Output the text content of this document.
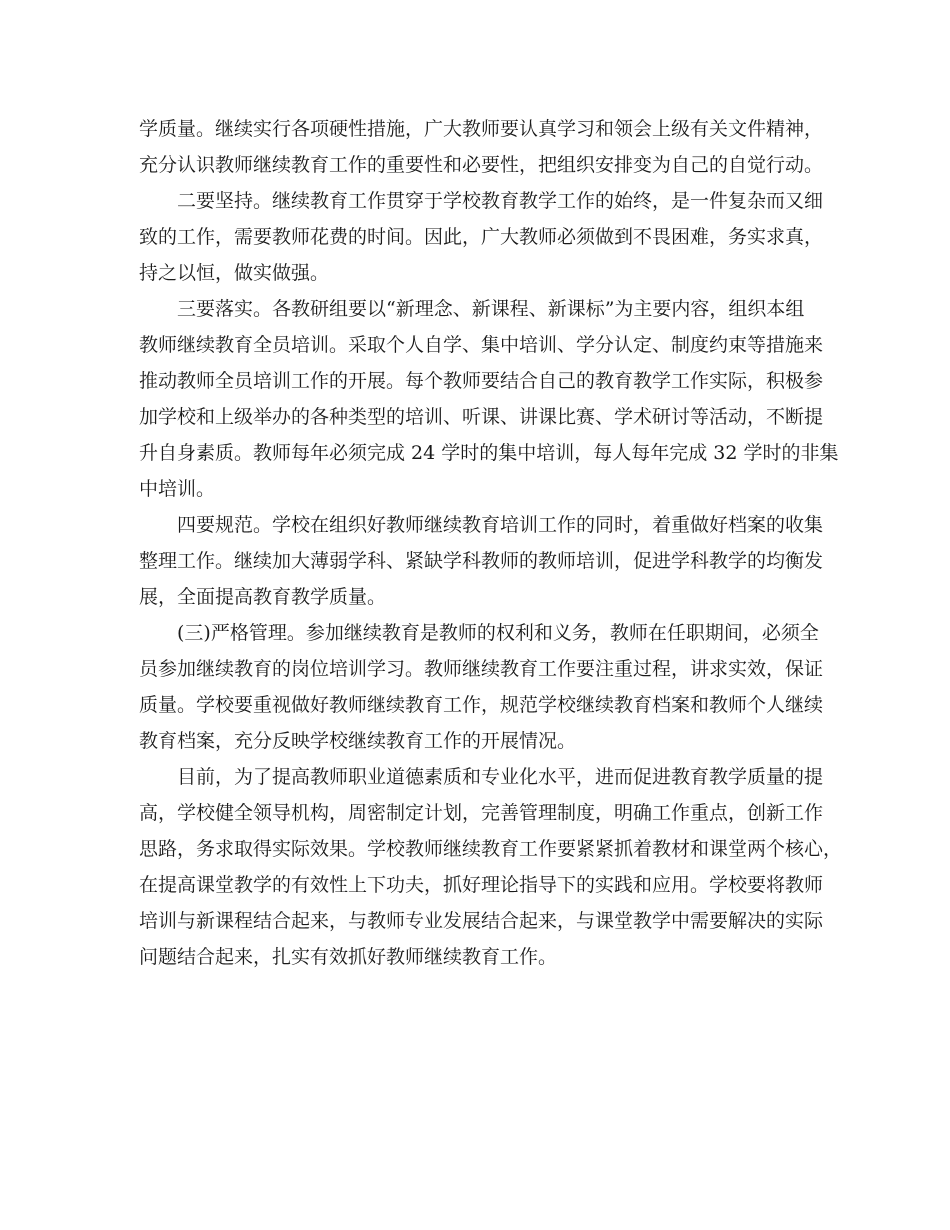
学质量。继续实行各项硬性措施，广大教师要认真学习和领会上级有关文件精神，
充分认识教师继续教育工作的重要性和必要性，把组织安排变为自己的自觉行动。
二要坚持。继续教育工作贯穿于学校教育教学工作的始终，是一件复杂而又细
致的工作，需要教师花费的时间。因此，广大教师必须做到不畏困难，务实求真，
持之以恒，做实做强。
三要落实。各教研组要以“新理念、新课程、新课标”为主要内容，组织本组
教师继续教育全员培训。采取个人自学、集中培训、学分认定、制度约束等措施来
推动教师全员培训工作的开展。每个教师要结合自己的教育教学工作实际，积极参
加学校和上级举办的各种类型的培训、听课、讲课比赛、学术研讨等活动，不断提
升自身素质。教师每年必须完成 24 学时的集中培训，每人每年完成 32 学时的非集
中培训。
四要规范。学校在组织好教师继续教育培训工作的同时，着重做好档案的收集
整理工作。继续加大薄弱学科、紧缺学科教师的教师培训，促进学科教学的均衡发
展，全面提高教育教学质量。
(三)严格管理。参加继续教育是教师的权利和义务，教师在任职期间，必须全
员参加继续教育的岗位培训学习。教师继续教育工作要注重过程，讲求实效，保证
质量。学校要重视做好教师继续教育工作，规范学校继续教育档案和教师个人继续
教育档案，充分反映学校继续教育工作的开展情况。
目前，为了提高教师职业道德素质和专业化水平，进而促进教育教学质量的提
高，学校健全领导机构，周密制定计划，完善管理制度，明确工作重点，创新工作
思路，务求取得实际效果。学校教师继续教育工作要紧紧抓着教材和课堂两个核心，
在提高课堂教学的有效性上下功夫，抓好理论指导下的实践和应用。学校要将教师
培训与新课程结合起来，与教师专业发展结合起来，与课堂教学中需要解决的实际
问题结合起来，扎实有效抓好教师继续教育工作。
